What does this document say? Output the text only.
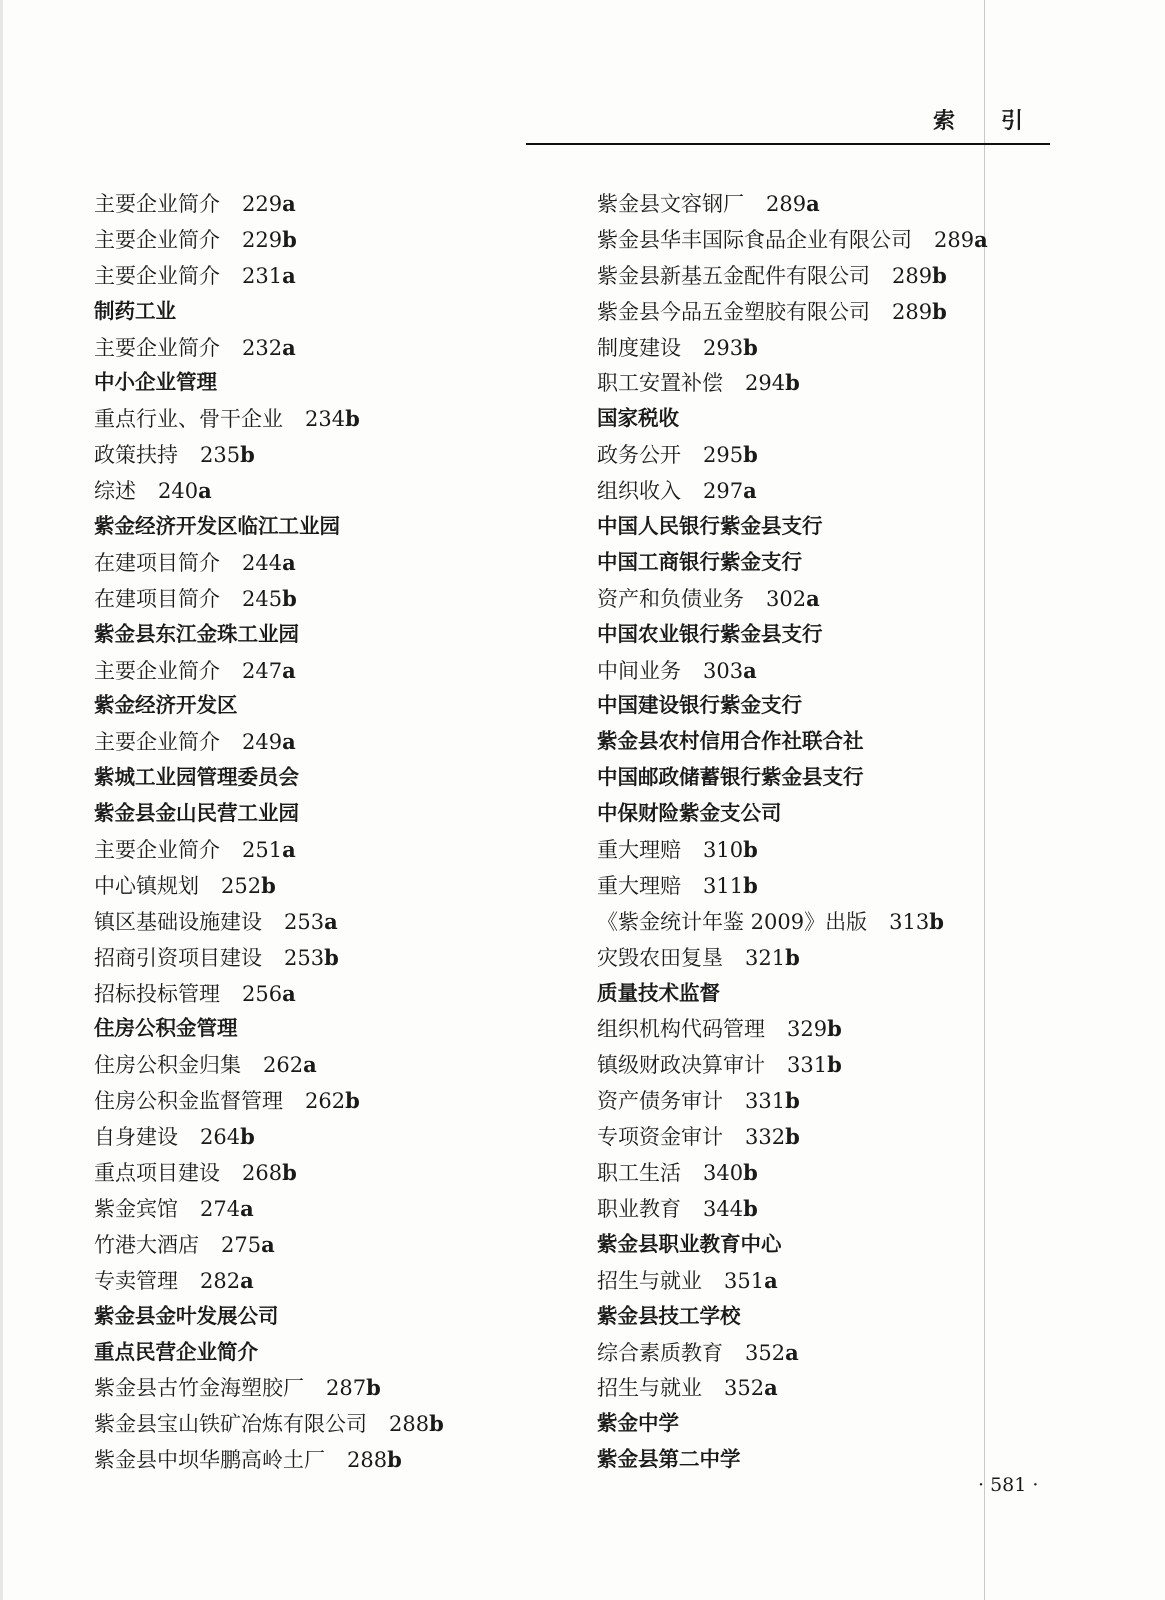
索引
主要企业简介 229a
主要企业简介 229b
主要企业简介 231a
制药工业
主要企业简介 232a
中小企业管理
重点行业、骨干企业 234b
政策扶持 235b
综述 240a
紫金经济开发区临江工业园
在建项目简介 244a
在建项目简介 245b
紫金县东江金珠工业园
主要企业简介 247a
紫金经济开发区
主要企业简介 249a
紫城工业园管理委员会
紫金县金山民营工业园
主要企业简介 251a
中心镇规划 252b
镇区基础设施建设 253a
招商引资项目建设 253b
招标投标管理 256a
住房公积金管理
住房公积金归集 262a
住房公积金监督管理 262b
自身建设 264b
重点项目建设 268b
紫金宾馆 274a
竹港大酒店 275a
专卖管理 282a
紫金县金叶发展公司
重点民营企业简介
紫金县古竹金海塑胶厂 287b
紫金县宝山铁矿冶炼有限公司 288b
紫金县中坝华鹏高岭土厂 288b
紫金县文容钢厂 289a
紫金县华丰国际食品企业有限公司 289a
紫金县新基五金配件有限公司 289b
紫金县今品五金塑胶有限公司 289b
制度建设 293b
职工安置补偿 294b
国家税收
政务公开 295b
组织收入 297a
中国人民银行紫金县支行
中国工商银行紫金支行
资产和负债业务 302a
中国农业银行紫金县支行
中间业务 303a
中国建设银行紫金支行
紫金县农村信用合作社联合社
中国邮政储蓄银行紫金县支行
中保财险紫金支公司
重大理赔 310b
重大理赔 311b
《紫金统计年鉴 2009》出版 313b
灾毁农田复垦 321b
质量技术监督
组织机构代码管理 329b
镇级财政决算审计 331b
资产债务审计 331b
专项资金审计 332b
职工生活 340b
职业教育 344b
紫金县职业教育中心
招生与就业 351a
紫金县技工学校
综合素质教育 352a
招生与就业 352a
紫金中学
紫金县第二中学
· 581 ·
